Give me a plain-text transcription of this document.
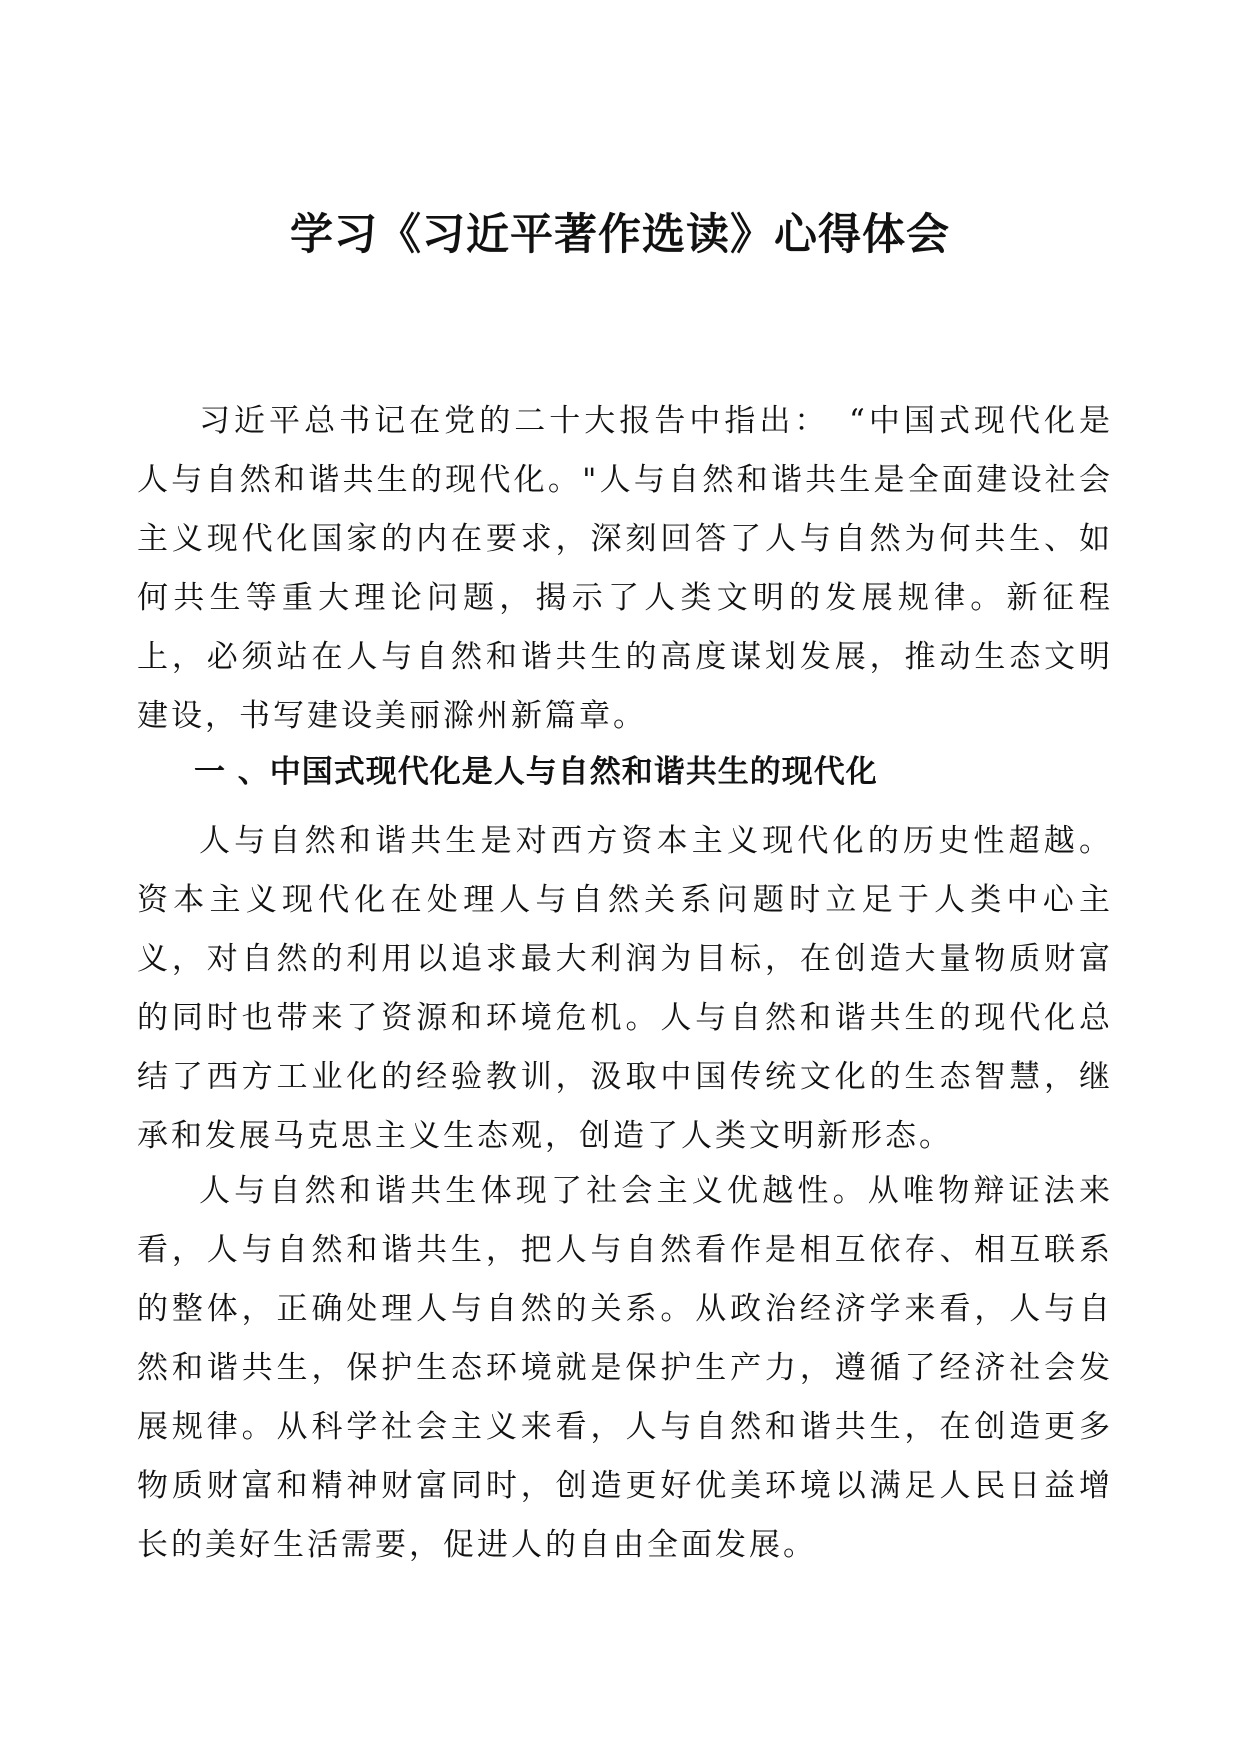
学习《习近平著作选读》心得体会

习近平总书记在党的二十大报告中指出：　“中国式现代化是人与自然和谐共生的现代化。"人与自然和谐共生是全面建设社会主义现代化国家的内在要求，深刻回答了人与自然为何共生、如何共生等重大理论问题，揭示了人类文明的发展规律。新征程上，必须站在人与自然和谐共生的高度谋划发展，推动生态文明建设，书写建设美丽滁州新篇章。

一 、中国式现代化是人与自然和谐共生的现代化

人与自然和谐共生是对西方资本主义现代化的历史性超越。资本主义现代化在处理人与自然关系问题时立足于人类中心主义，对自然的利用以追求最大利润为目标，在创造大量物质财富的同时也带来了资源和环境危机。人与自然和谐共生的现代化总结了西方工业化的经验教训，汲取中国传统文化的生态智慧，继承和发展马克思主义生态观，创造了人类文明新形态。

人与自然和谐共生体现了社会主义优越性。从唯物辩证法来看，人与自然和谐共生，把人与自然看作是相互依存、相互联系的整体，正确处理人与自然的关系。从政治经济学来看，人与自然和谐共生，保护生态环境就是保护生产力，遵循了经济社会发展规律。从科学社会主义来看，人与自然和谐共生，在创造更多物质财富和精神财富同时，创造更好优美环境以满足人民日益增长的美好生活需要，促进人的自由全面发展。
